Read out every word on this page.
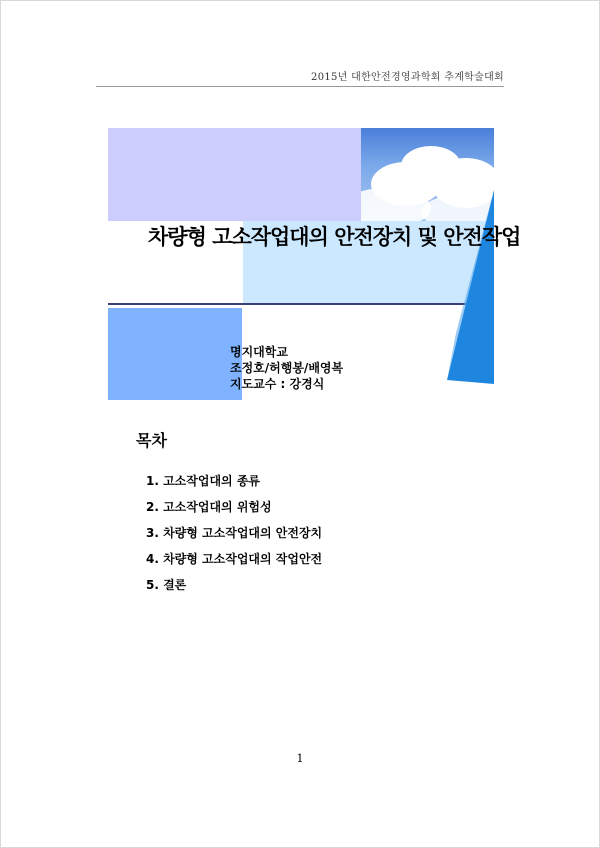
2015년 대한안전경영과학회 추계학술대회
차량형 고소작업대의 안전장치 및 안전작업
명지대학교
조정호/허행봉/배영복
지도교수 : 강경식
목차
1. 고소작업대의 종류
2. 고소작업대의 위험성
3. 차량형 고소작업대의 안전장치
4. 차량형 고소작업대의 작업안전
5. 결론
1
